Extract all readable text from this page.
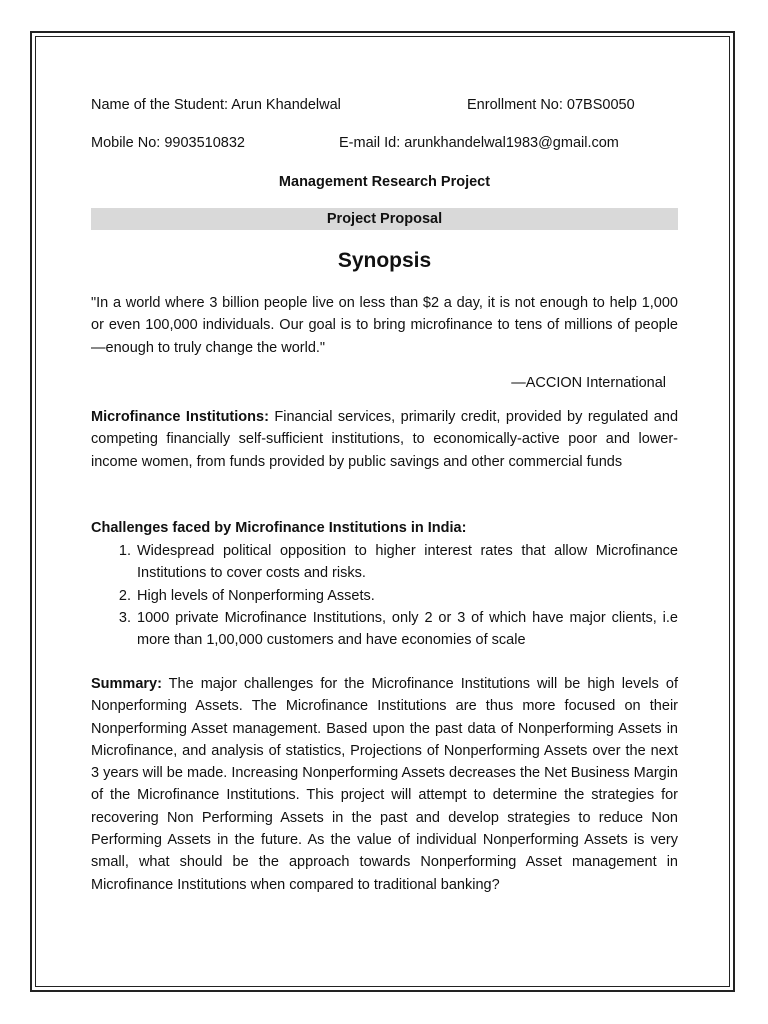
Name of the Student: Arun Khandelwal	Enrollment No: 07BS0050
Mobile No: 9903510832	E-mail Id: arunkhandelwal1983@gmail.com
Management Research Project
Project Proposal
Synopsis
"In a world where 3 billion people live on less than $2 a day, it is not enough to help 1,000 or even 100,000 individuals. Our goal is to bring microfinance to tens of millions of people—enough to truly change the world."
—ACCION International
Microfinance Institutions: Financial services, primarily credit, provided by regulated and competing financially self-sufficient institutions, to economically-active poor and lower-income women, from funds provided by public savings and other commercial funds
Challenges faced by Microfinance Institutions in India:
1. Widespread political opposition to higher interest rates that allow Microfinance Institutions to cover costs and risks.
2. High levels of Nonperforming Assets.
3. 1000 private Microfinance Institutions, only 2 or 3 of which have major clients, i.e more than 1,00,000 customers and have economies of scale
Summary: The major challenges for the Microfinance Institutions will be high levels of Nonperforming Assets. The Microfinance Institutions are thus more focused on their Nonperforming Asset management. Based upon the past data of Nonperforming Assets in Microfinance, and analysis of statistics, Projections of Nonperforming Assets over the next 3 years will be made. Increasing Nonperforming Assets decreases the Net Business Margin of the Microfinance Institutions. This project will attempt to determine the strategies for recovering Non Performing Assets in the past and develop strategies to reduce Non Performing Assets in the future. As the value of individual Nonperforming Assets is very small, what should be the approach towards Nonperforming Asset management in Microfinance Institutions when compared to traditional banking?
